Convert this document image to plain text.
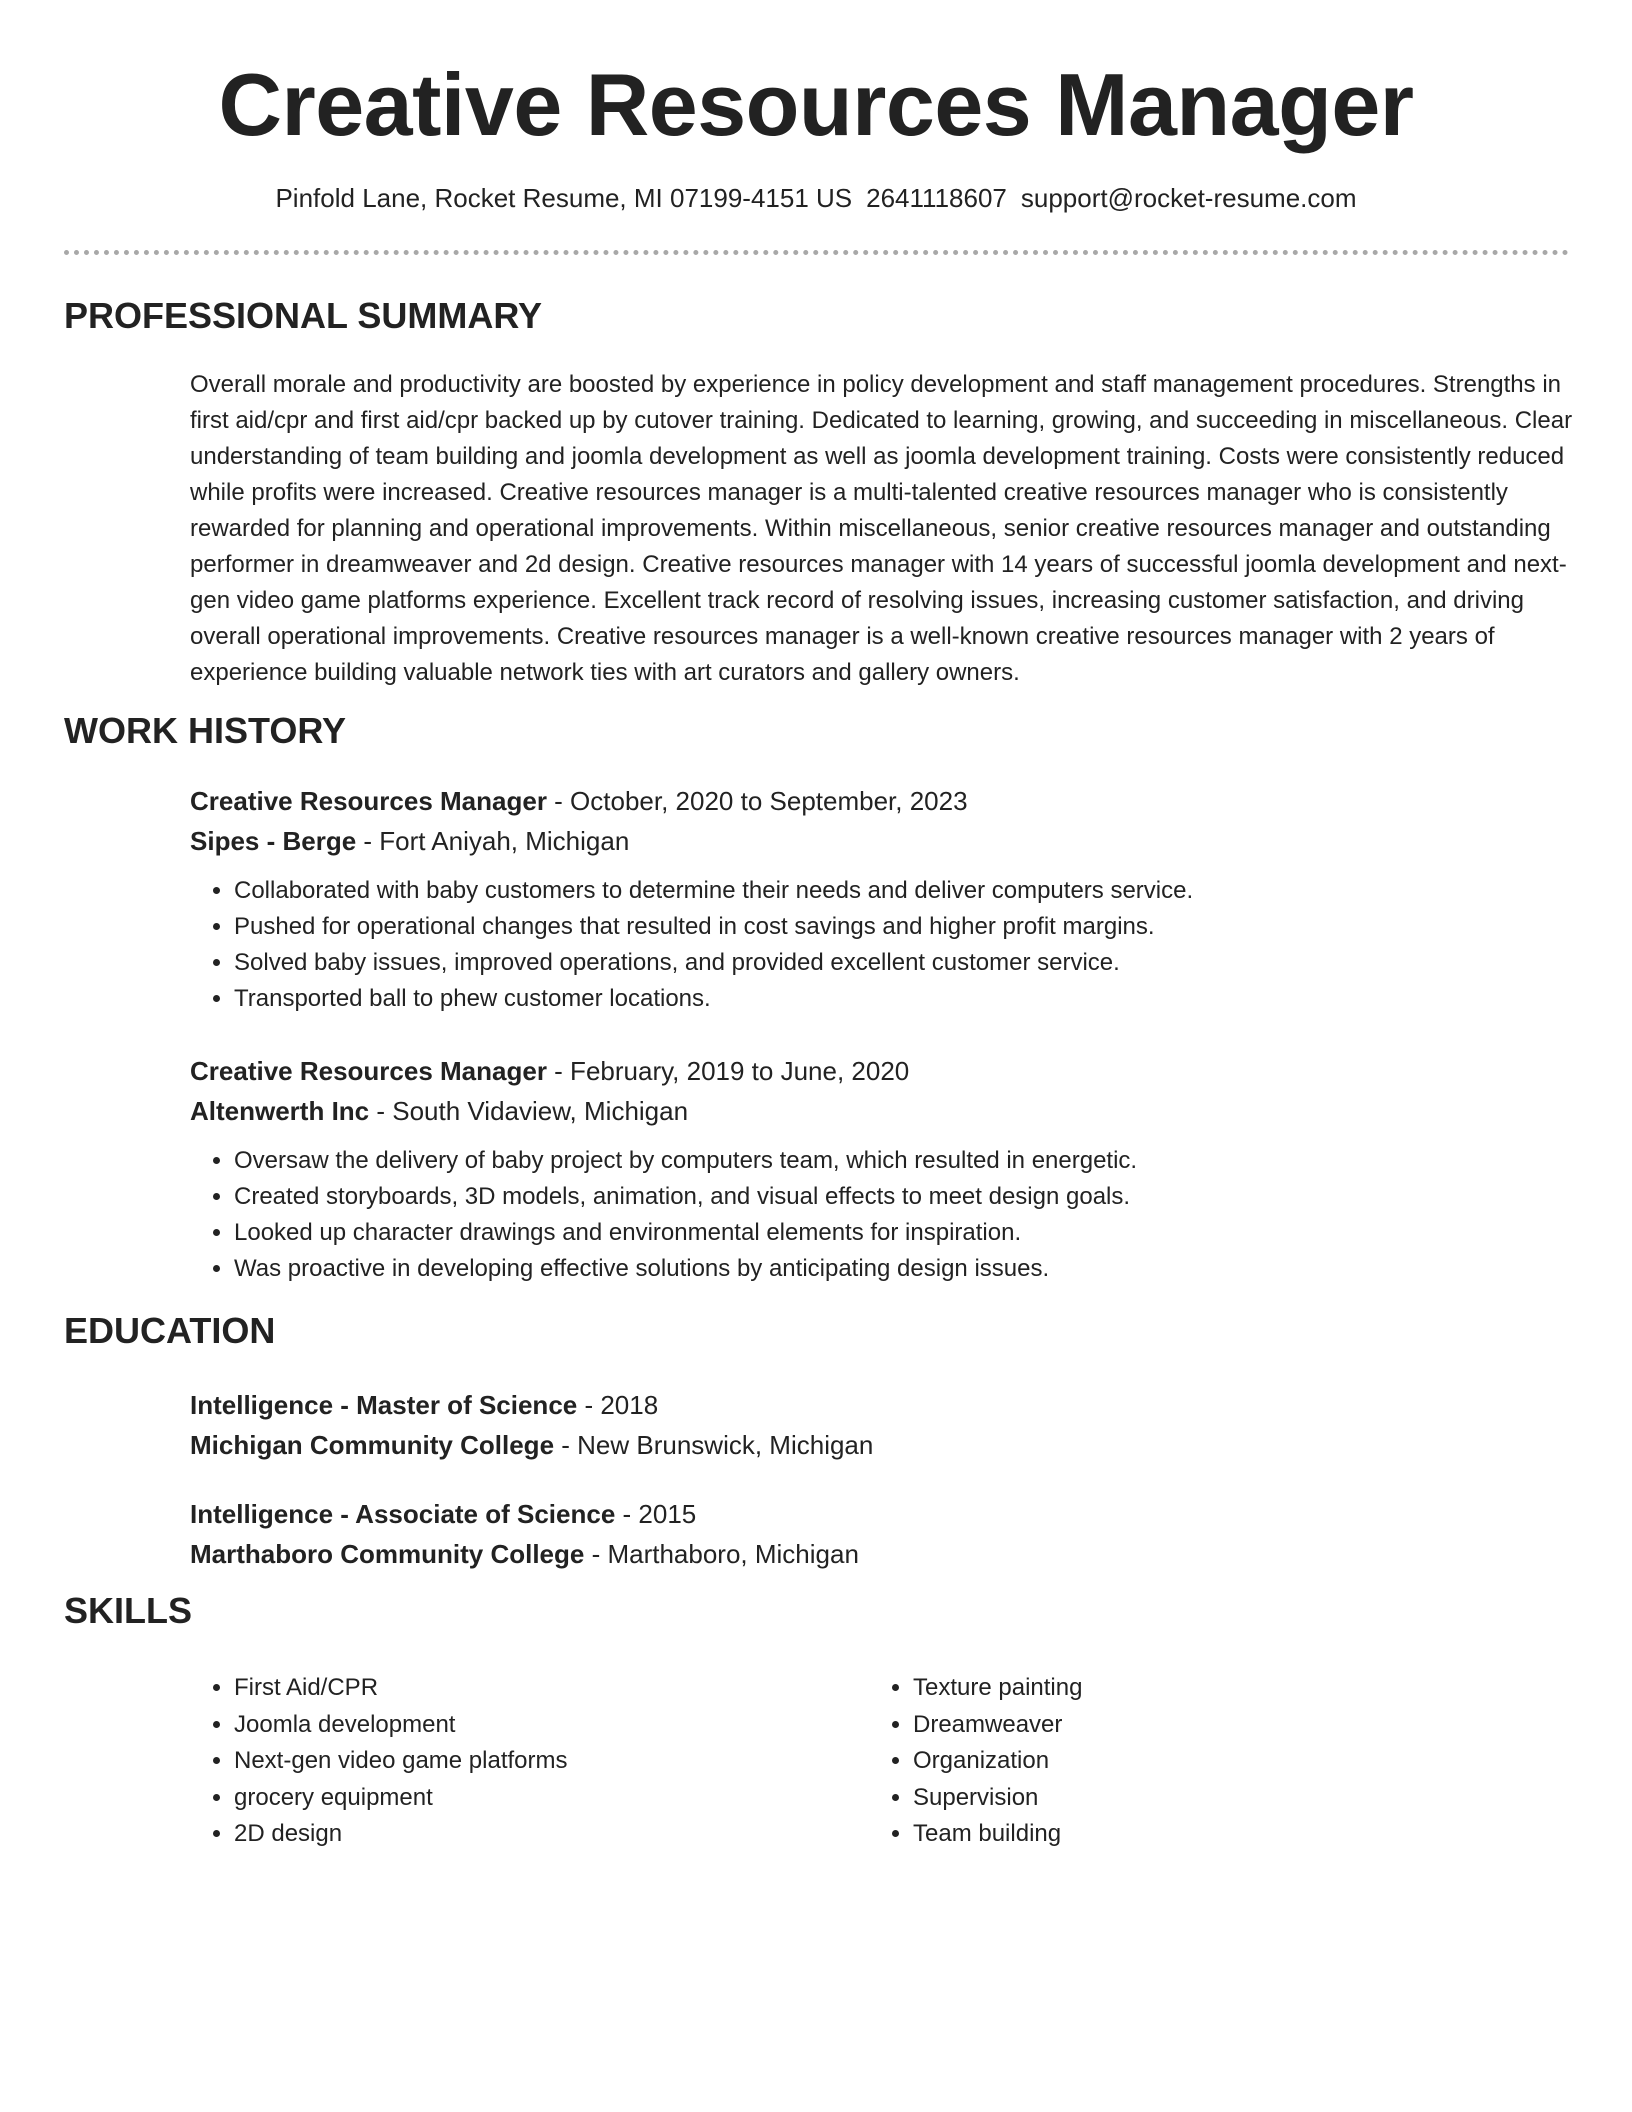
Creative Resources Manager
Pinfold Lane, Rocket Resume, MI 07199-4151 US 2641118607 support@rocket-resume.com
PROFESSIONAL SUMMARY

Overall morale and productivity are boosted by experience in policy development and staff management procedures. Strengths in first aid/cpr and first aid/cpr backed up by cutover training. Dedicated to learning, growing, and succeeding in miscellaneous. Clear understanding of team building and joomla development as well as joomla development training. Costs were consistently reduced while profits were increased. Creative resources manager is a multi-talented creative resources manager who is consistently rewarded for planning and operational improvements. Within miscellaneous, senior creative resources manager and outstanding performer in dreamweaver and 2d design. Creative resources manager with 14 years of successful joomla development and next-gen video game platforms experience. Excellent track record of resolving issues, increasing customer satisfaction, and driving overall operational improvements. Creative resources manager is a well-known creative resources manager with 2 years of experience building valuable network ties with art curators and gallery owners.

WORK HISTORY
Creative Resources Manager - October, 2020 to September, 2023
Sipes - Berge - Fort Aniyah, Michigan
• Collaborated with baby customers to determine their needs and deliver computers service.
• Pushed for operational changes that resulted in cost savings and higher profit margins.
• Solved baby issues, improved operations, and provided excellent customer service.
• Transported ball to phew customer locations.
Creative Resources Manager - February, 2019 to June, 2020
Altenwerth Inc - South Vidaview, Michigan
• Oversaw the delivery of baby project by computers team, which resulted in energetic.
• Created storyboards, 3D models, animation, and visual effects to meet design goals.
• Looked up character drawings and environmental elements for inspiration.
• Was proactive in developing effective solutions by anticipating design issues.
EDUCATION
Intelligence - Master of Science - 2018
Michigan Community College - New Brunswick, Michigan
Intelligence - Associate of Science - 2015
Marthaboro Community College - Marthaboro, Michigan
SKILLS
• First Aid/CPR
• Joomla development
• Next-gen video game platforms
• grocery equipment
• 2D design
• Texture painting
• Dreamweaver
• Organization
• Supervision
• Team building
